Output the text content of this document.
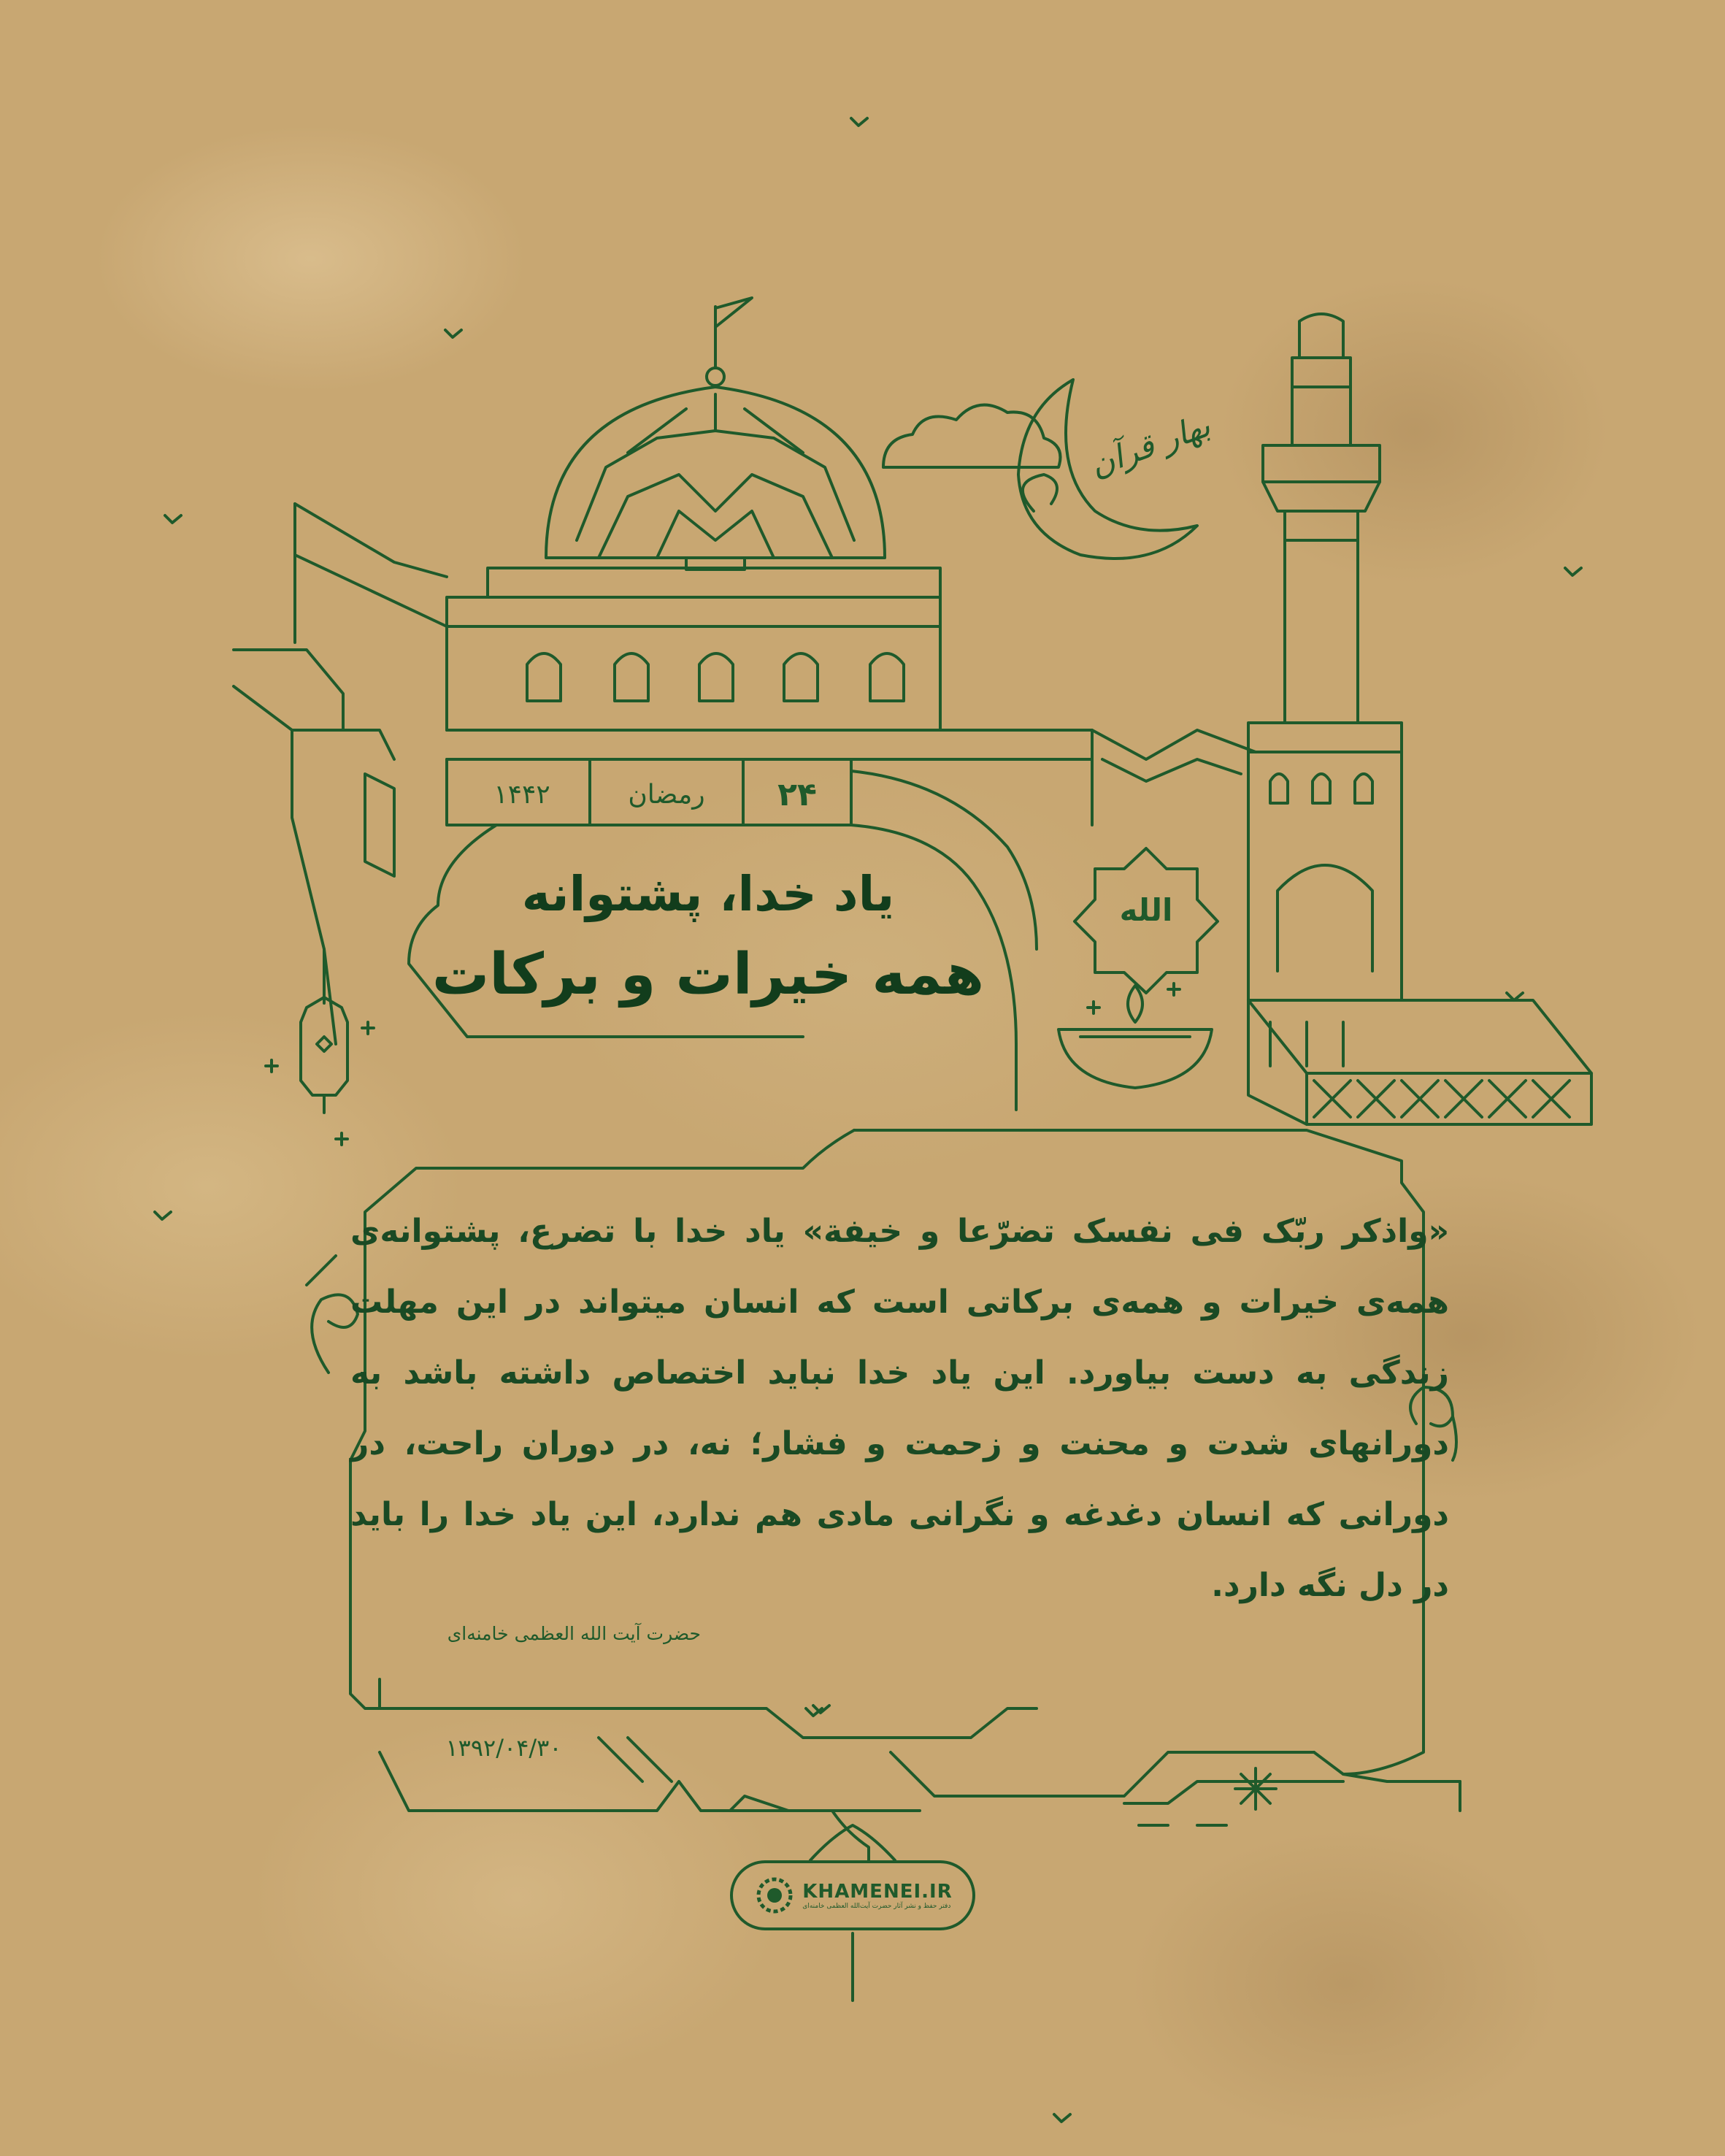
بهار قرآن
الله
۲۴
رمضان
۱۴۴۲
یاد خدا، پشتوانه
همه خیرات و برکات
«واذکر ربّک فی نفسک تضرّعا و خیفة» یاد خدا با تضرع، پشتوانه‌ی همه‌ی خیرات و همه‌ی برکاتی است که انسان میتواند در این مهلت زندگی به دست بیاورد. این یاد خدا نباید اختصاص داشته باشد به دورانهای شدت و محنت و زحمت و فشار؛ نه، در دوران راحت، در دورانی که انسان دغدغه و نگرانی مادی هم ندارد، این یاد خدا را باید در دل نگه دارد.
حضرت آیت الله العظمی خامنه‌ای
۱۳۹۲/۰۴/۳۰
KHAMENEI.IR
دفتر حفظ و نشر آثار حضرت آیت‌الله العظمی خامنه‌ای
